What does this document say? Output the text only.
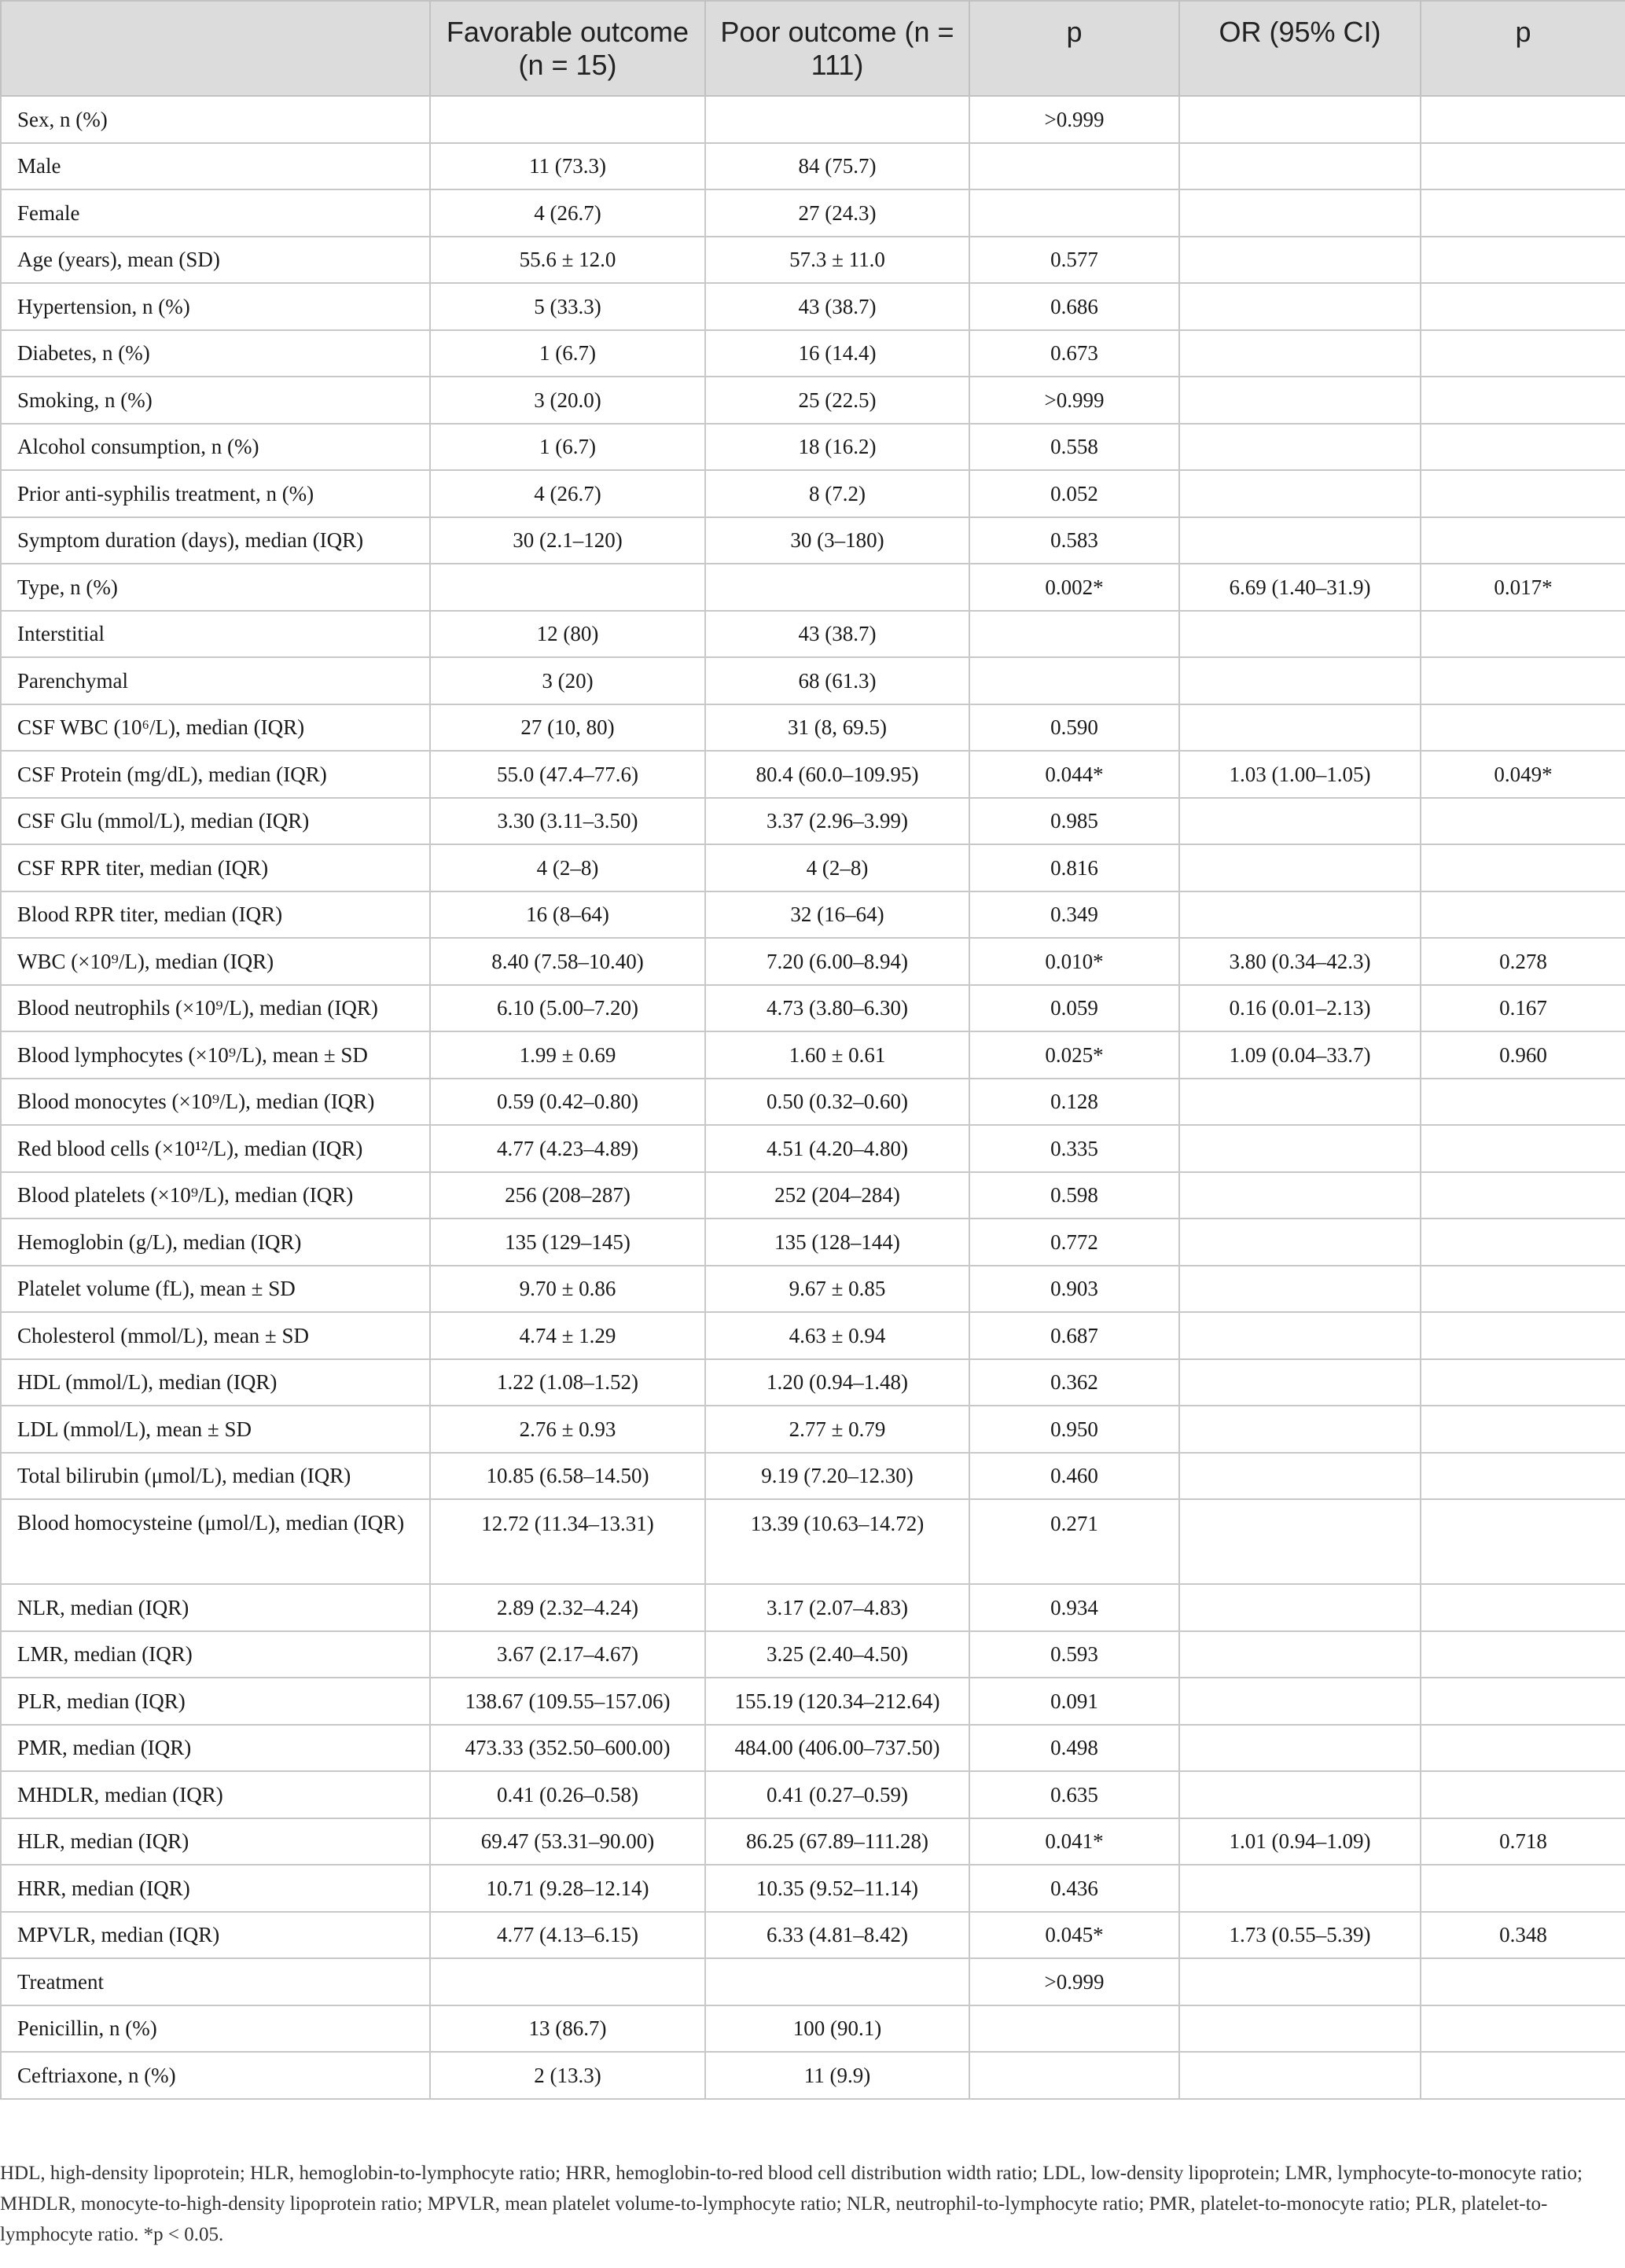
	Favorable outcome (n = 15)	Poor outcome (n = 111)	p	OR (95% CI)	p
Sex, n (%)			>0.999		
Male	11 (73.3)	84 (75.7)			
Female	4 (26.7)	27 (24.3)			
Age (years), mean (SD)	55.6 ± 12.0	57.3 ± 11.0	0.577		
Hypertension, n (%)	5 (33.3)	43 (38.7)	0.686		
Diabetes, n (%)	1 (6.7)	16 (14.4)	0.673		
Smoking, n (%)	3 (20.0)	25 (22.5)	>0.999		
Alcohol consumption, n (%)	1 (6.7)	18 (16.2)	0.558		
Prior anti-syphilis treatment, n (%)	4 (26.7)	8 (7.2)	0.052		
Symptom duration (days), median (IQR)	30 (2.1–120)	30 (3–180)	0.583		
Type, n (%)			0.002*	6.69 (1.40–31.9)	0.017*
Interstitial	12 (80)	43 (38.7)			
Parenchymal	3 (20)	68 (61.3)			
CSF WBC (10⁶/L), median (IQR)	27 (10, 80)	31 (8, 69.5)	0.590		
CSF Protein (mg/dL), median (IQR)	55.0 (47.4–77.6)	80.4 (60.0–109.95)	0.044*	1.03 (1.00–1.05)	0.049*
CSF Glu (mmol/L), median (IQR)	3.30 (3.11–3.50)	3.37 (2.96–3.99)	0.985		
CSF RPR titer, median (IQR)	4 (2–8)	4 (2–8)	0.816		
Blood RPR titer, median (IQR)	16 (8–64)	32 (16–64)	0.349		
WBC (×10⁹/L), median (IQR)	8.40 (7.58–10.40)	7.20 (6.00–8.94)	0.010*	3.80 (0.34–42.3)	0.278
Blood neutrophils (×10⁹/L), median (IQR)	6.10 (5.00–7.20)	4.73 (3.80–6.30)	0.059	0.16 (0.01–2.13)	0.167
Blood lymphocytes (×10⁹/L), mean ± SD	1.99 ± 0.69	1.60 ± 0.61	0.025*	1.09 (0.04–33.7)	0.960
Blood monocytes (×10⁹/L), median (IQR)	0.59 (0.42–0.80)	0.50 (0.32–0.60)	0.128		
Red blood cells (×10¹²/L), median (IQR)	4.77 (4.23–4.89)	4.51 (4.20–4.80)	0.335		
Blood platelets (×10⁹/L), median (IQR)	256 (208–287)	252 (204–284)	0.598		
Hemoglobin (g/L), median (IQR)	135 (129–145)	135 (128–144)	0.772		
Platelet volume (fL), mean ± SD	9.70 ± 0.86	9.67 ± 0.85	0.903		
Cholesterol (mmol/L), mean ± SD	4.74 ± 1.29	4.63 ± 0.94	0.687		
HDL (mmol/L), median (IQR)	1.22 (1.08–1.52)	1.20 (0.94–1.48)	0.362		
LDL (mmol/L), mean ± SD	2.76 ± 0.93	2.77 ± 0.79	0.950		
Total bilirubin (μmol/L), median (IQR)	10.85 (6.58–14.50)	9.19 (7.20–12.30)	0.460		
Blood homocysteine (μmol/L), median (IQR)	12.72 (11.34–13.31)	13.39 (10.63–14.72)	0.271		
NLR, median (IQR)	2.89 (2.32–4.24)	3.17 (2.07–4.83)	0.934		
LMR, median (IQR)	3.67 (2.17–4.67)	3.25 (2.40–4.50)	0.593		
PLR, median (IQR)	138.67 (109.55–157.06)	155.19 (120.34–212.64)	0.091		
PMR, median (IQR)	473.33 (352.50–600.00)	484.00 (406.00–737.50)	0.498		
MHDLR, median (IQR)	0.41 (0.26–0.58)	0.41 (0.27–0.59)	0.635		
HLR, median (IQR)	69.47 (53.31–90.00)	86.25 (67.89–111.28)	0.041*	1.01 (0.94–1.09)	0.718
HRR, median (IQR)	10.71 (9.28–12.14)	10.35 (9.52–11.14)	0.436		
MPVLR, median (IQR)	4.77 (4.13–6.15)	6.33 (4.81–8.42)	0.045*	1.73 (0.55–5.39)	0.348
Treatment			>0.999		
Penicillin, n (%)	13 (86.7)	100 (90.1)			
Ceftriaxone, n (%)	2 (13.3)	11 (9.9)			

HDL, high-density lipoprotein; HLR, hemoglobin-to-lymphocyte ratio; HRR, hemoglobin-to-red blood cell distribution width ratio; LDL, low-density lipoprotein; LMR, lymphocyte-to-monocyte ratio; MHDLR, monocyte-to-high-density lipoprotein ratio; MPVLR, mean platelet volume-to-lymphocyte ratio; NLR, neutrophil-to-lymphocyte ratio; PMR, platelet-to-monocyte ratio; PLR, platelet-to-lymphocyte ratio. *p < 0.05.
